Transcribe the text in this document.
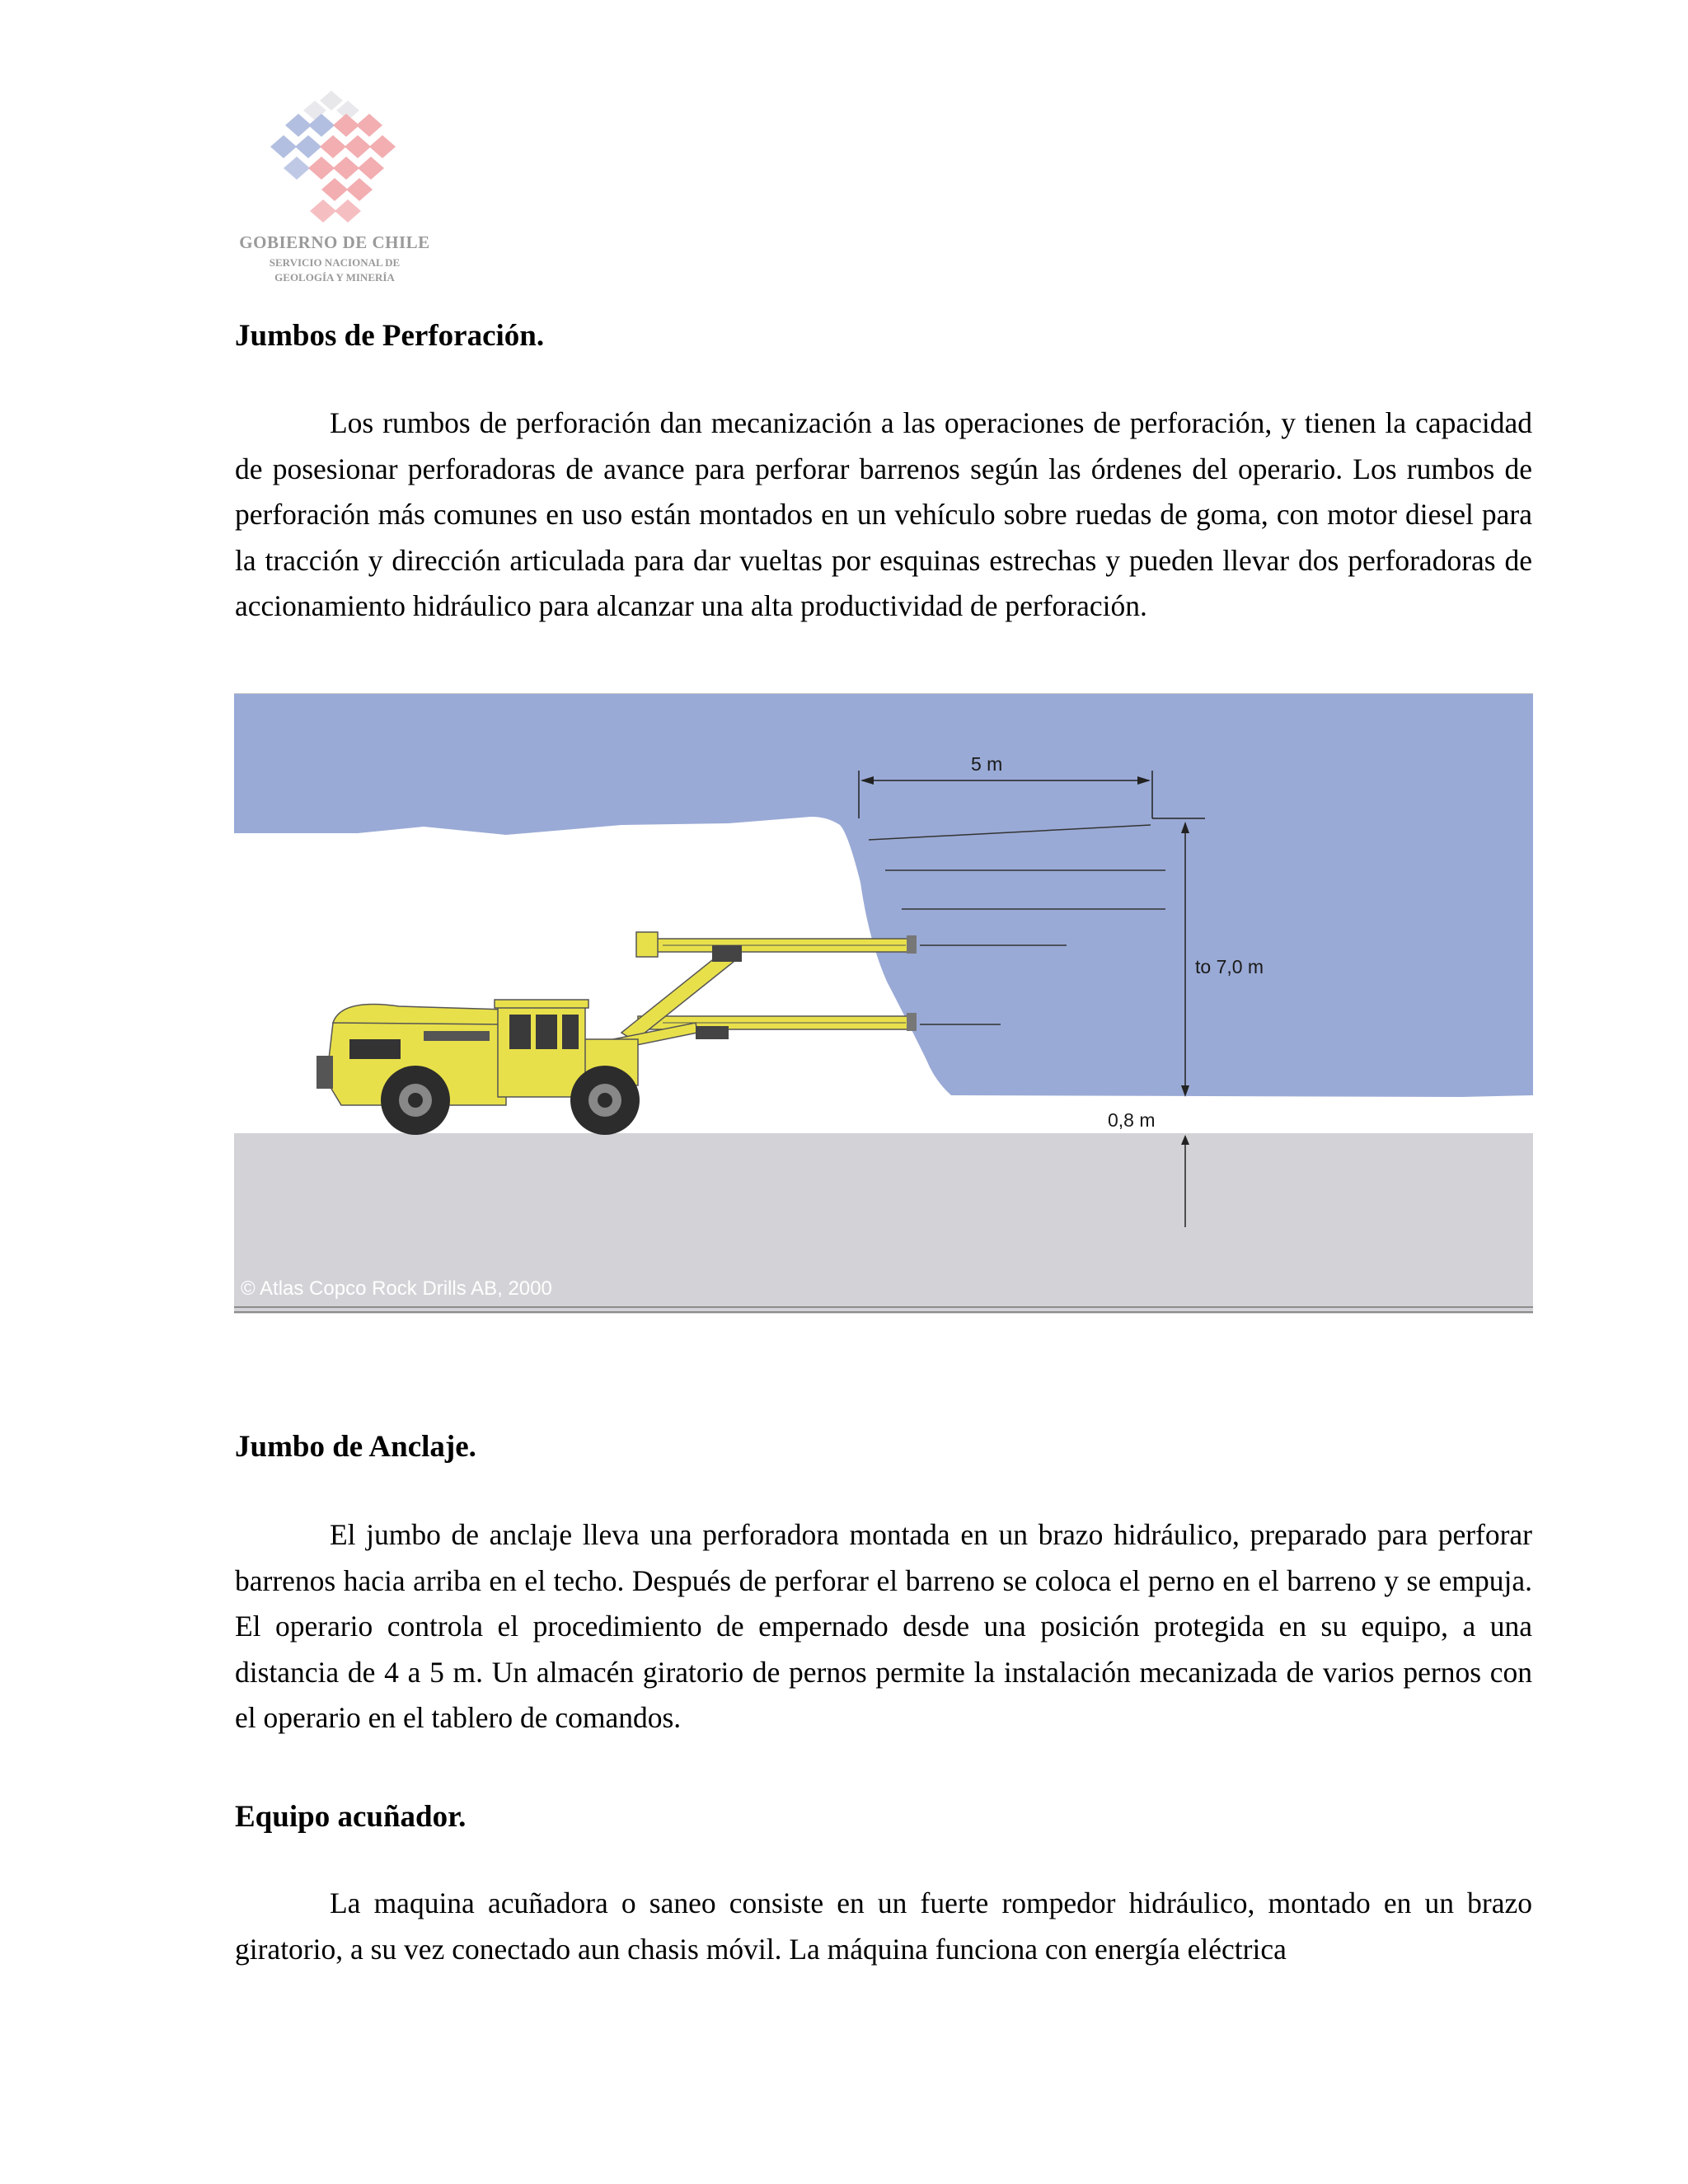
GOBIERNO DE CHILE
SERVICIO NACIONAL DE
GEOLOGÍA Y MINERÍA
Jumbos de Perforación.

Los rumbos de perforación dan mecanización a las operaciones de perforación, y tienen la capacidad de posesionar perforadoras de avance para perforar barrenos según las órdenes del operario. Los rumbos de perforación más comunes en uso están montados en un vehículo sobre ruedas de goma, con motor diesel para la tracción y dirección articulada para dar vueltas por esquinas estrechas y pueden llevar dos perforadoras de accionamiento hidráulico para alcanzar una alta productividad de perforación.

5 m
to 7,0 m
0,8 m
© Atlas Copco Rock Drills AB, 2000
Jumbo de Anclaje.

El jumbo de anclaje lleva una perforadora montada en un brazo hidráulico, preparado para perforar barrenos hacia arriba en el techo. Después de perforar el barreno se coloca el perno en el barreno y se empuja. El operario controla el procedimiento de empernado desde una posición protegida en su equipo, a una distancia de 4 a 5 m. Un almacén giratorio de pernos permite la instalación mecanizada de varios pernos con el operario en el tablero de comandos.

Equipo acuñador.

La maquina acuñadora o saneo consiste en un fuerte rompedor hidráulico, montado en un brazo giratorio, a su vez conectado aun chasis móvil. La máquina funciona con energía eléctrica
